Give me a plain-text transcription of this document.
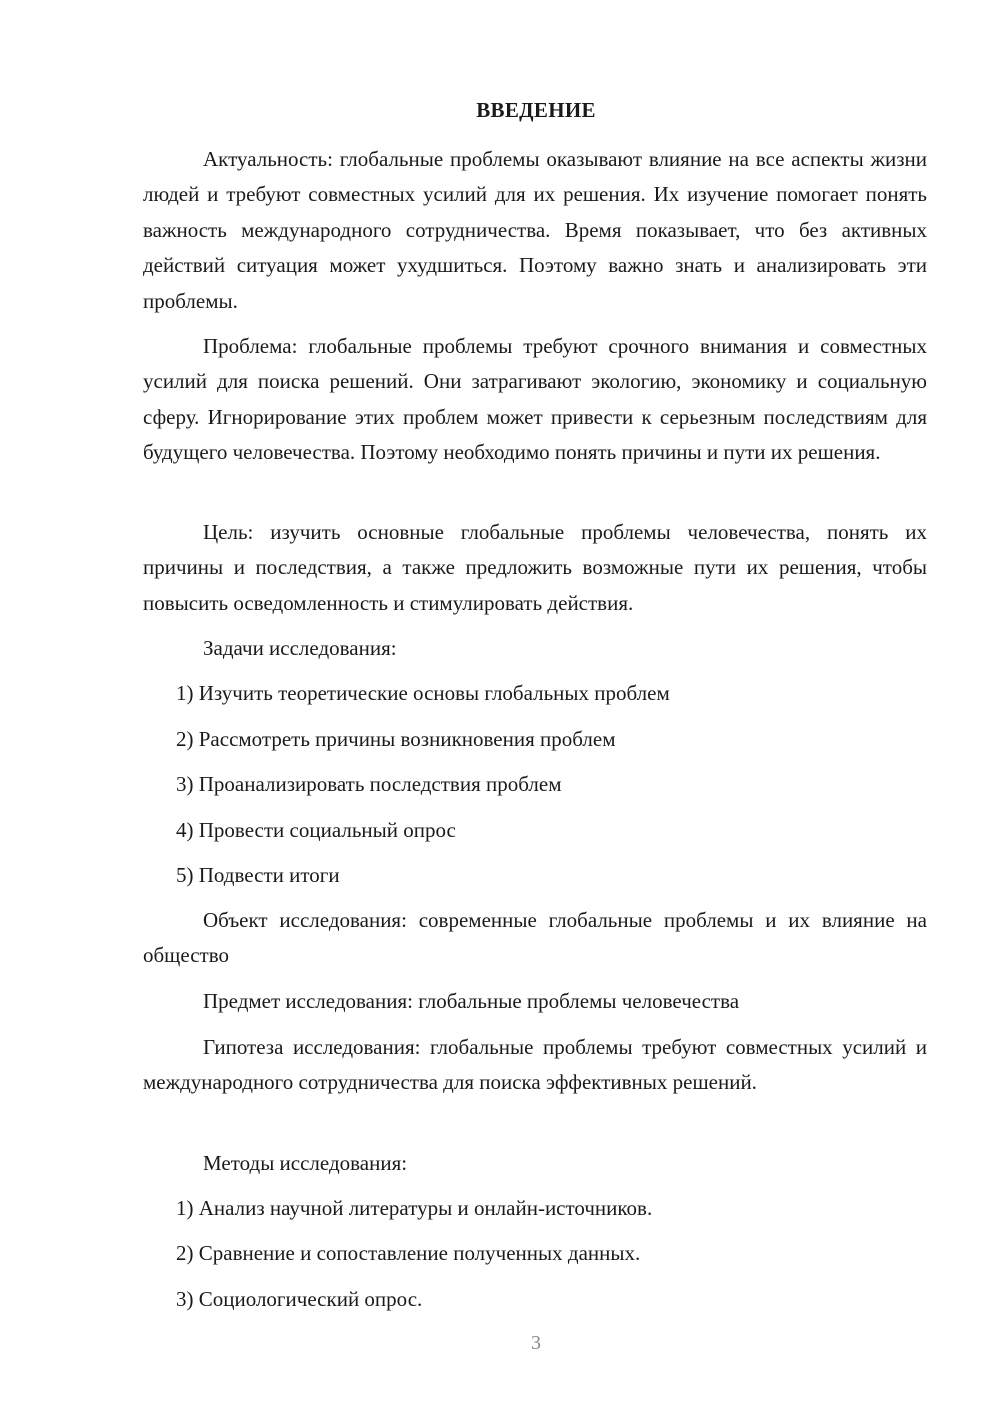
ВВЕДЕНИЕ

Актуальность: глобальные проблемы оказывают влияние на все аспекты жизни людей и требуют совместных усилий для их решения. Их изучение помогает понять важность международного сотрудничества. Время показывает, что без активных действий ситуация может ухудшиться. Поэтому важно знать и анализировать эти проблемы.

Проблема: глобальные проблемы требуют срочного внимания и совместных усилий для поиска решений. Они затрагивают экологию, экономику и социальную сферу. Игнорирование этих проблем может привести к серьезным последствиям для будущего человечества. Поэтому необходимо понять причины и пути их решения.

Цель: изучить основные глобальные проблемы человечества, понять их причины и последствия, а также предложить возможные пути их решения, чтобы повысить осведомленность и стимулировать действия.

Задачи исследования:
1) Изучить теоретические основы глобальных проблем
2) Рассмотреть причины возникновения проблем
3) Проанализировать последствия проблем
4) Провести социальный опрос
5) Подвести итоги

Объект исследования: современные глобальные проблемы и их влияние на общество

Предмет исследования: глобальные проблемы человечества

Гипотеза исследования: глобальные проблемы требуют совместных усилий и международного сотрудничества для поиска эффективных решений.

Методы исследования:
1) Анализ научной литературы и онлайн-источников.
2) Сравнение и сопоставление полученных данных.
3) Социологический опрос.
3
